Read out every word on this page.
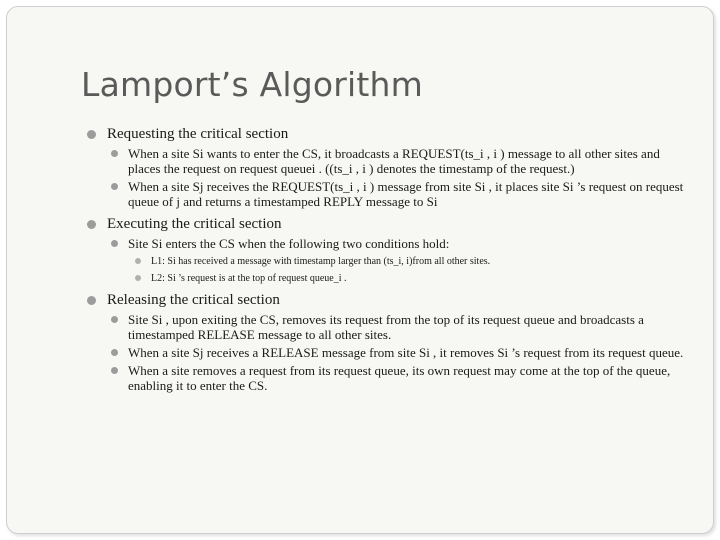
Lamport’s Algorithm
Requesting the critical section
When a site Si wants to enter the CS, it broadcasts a REQUEST(ts_i , i ) message to all other sites and places the request on request queuei . ((ts_i , i ) denotes the timestamp of the request.)
When a site Sj receives the REQUEST(ts_i , i ) message from site Si , it places site Si ’s request on request queue of j and returns a timestamped REPLY message to Si
Executing the critical section
Site Si enters the CS when the following two conditions hold:
L1: Si has received a message with timestamp larger than (ts_i, i)from all other sites.
L2: Si ’s request is at the top of request queue_i .
Releasing the critical section
Site Si , upon exiting the CS, removes its request from the top of its request queue and broadcasts a timestamped RELEASE message to all other sites.
When a site Sj receives a RELEASE message from site Si , it removes Si ’s request from its request queue.
When a site removes a request from its request queue, its own request may come at the top of the queue, enabling it to enter the CS.
